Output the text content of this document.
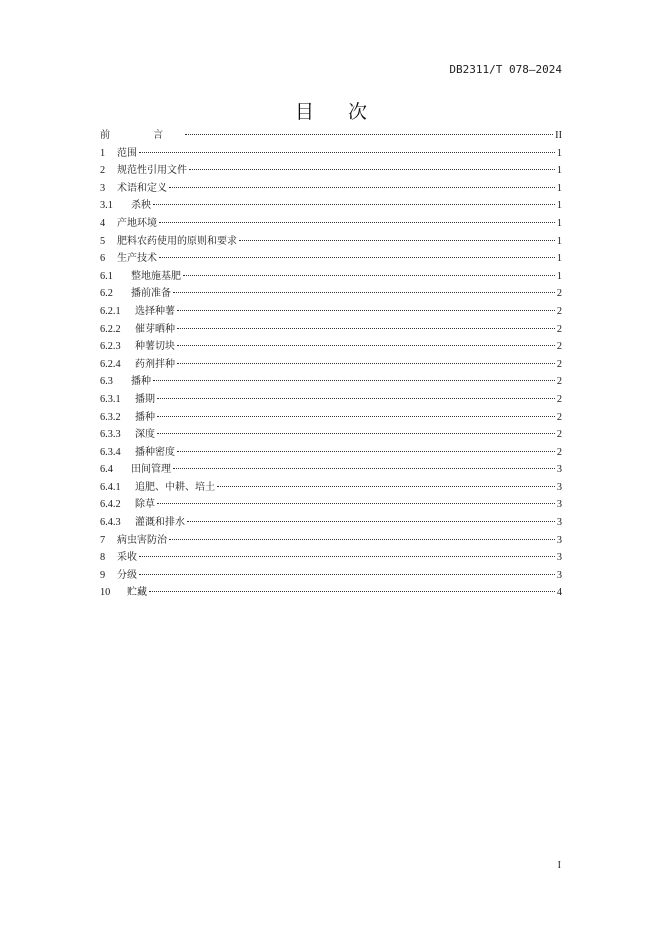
DB2311/T 078—2024
目 次
前 言	II
1	范围	1
2	规范性引用文件	1
3	术语和定义	1
3.1	杀秧	1
4	产地环境	1
5	肥料农药使用的原则和要求	1
6	生产技术	1
6.1	整地施基肥	1
6.2	播前准备	2
6.2.1	选择种薯	2
6.2.2	催芽晒种	2
6.2.3	种薯切块	2
6.2.4	药剂拌种	2
6.3	播种	2
6.3.1	播期	2
6.3.2	播种	2
6.3.3	深度	2
6.3.4	播种密度	2
6.4	田间管理	3
6.4.1	追肥、中耕、培土	3
6.4.2	除草	3
6.4.3	灌溉和排水	3
7	病虫害防治	3
8	采收	3
9	分级	3
10	贮藏	4
I
